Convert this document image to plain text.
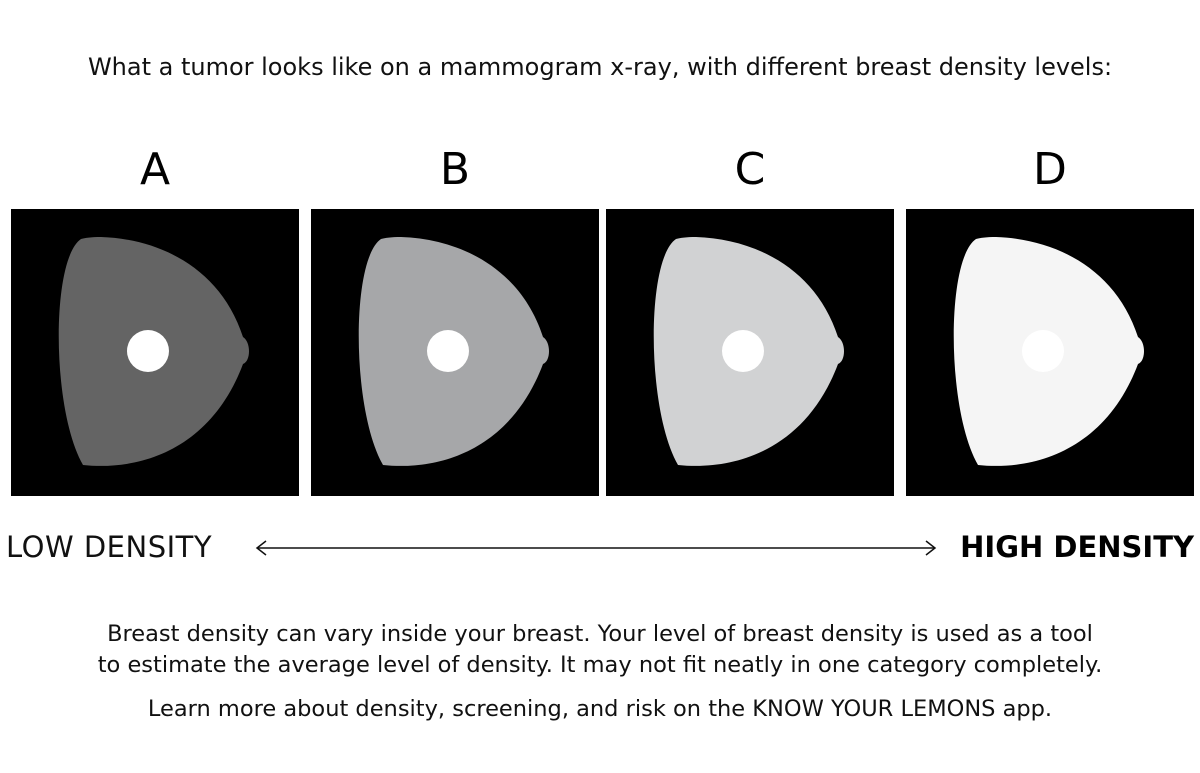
What a tumor looks like on a mammogram x-ray, with different breast density levels:
A	B	C	D
LOW DENSITY	HIGH DENSITY
Breast density can vary inside your breast. Your level of breast density is used as a tool
to estimate the average level of density. It may not fit neatly in one category completely.
Learn more about density, screening, and risk on the KNOW YOUR LEMONS app.
